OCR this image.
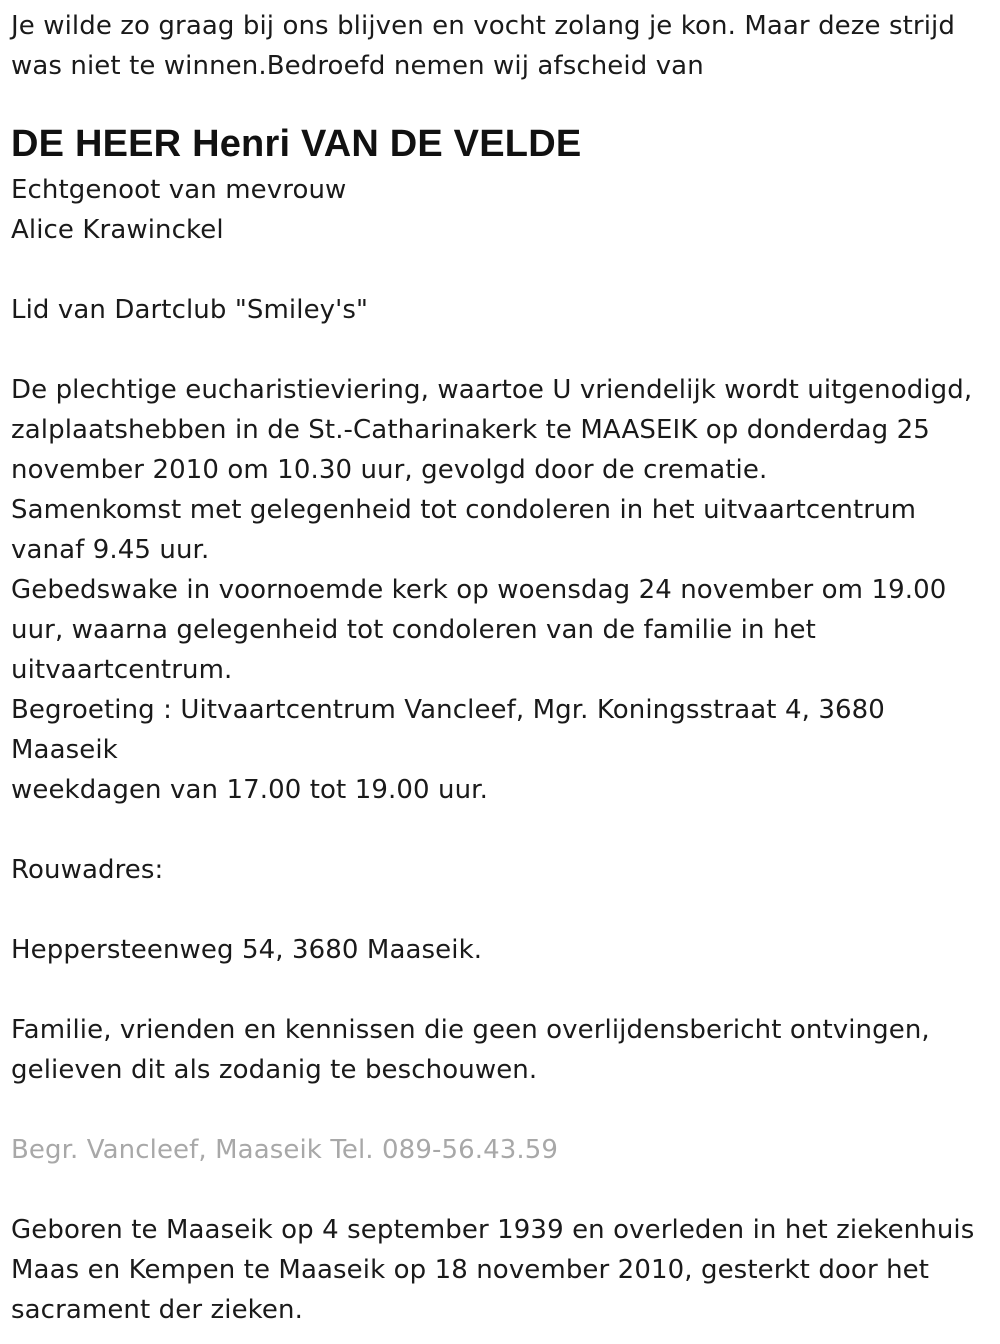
Je wilde zo graag bij ons blijven en vocht zolang je kon. Maar deze strijd
was niet te winnen.Bedroefd nemen wij afscheid van
DE HEER Henri VAN DE VELDE
Echtgenoot van mevrouw
Alice Krawinckel
Lid van Dartclub "Smiley's"
De plechtige eucharistieviering, waartoe U vriendelijk wordt uitgenodigd,
zalplaatshebben in de St.-Catharinakerk te MAASEIK op donderdag 25
november 2010 om 10.30 uur, gevolgd door de crematie.
Samenkomst met gelegenheid tot condoleren in het uitvaartcentrum
vanaf 9.45 uur.
Gebedswake in voornoemde kerk op woensdag 24 november om 19.00
uur, waarna gelegenheid tot condoleren van de familie in het
uitvaartcentrum.
Begroeting : Uitvaartcentrum Vancleef, Mgr. Koningsstraat 4, 3680
Maaseik
weekdagen van 17.00 tot 19.00 uur.
Rouwadres:
Heppersteenweg 54, 3680 Maaseik.
Familie, vrienden en kennissen die geen overlijdensbericht ontvingen,
gelieven dit als zodanig te beschouwen.
Begr. Vancleef, Maaseik Tel. 089-56.43.59
Geboren te Maaseik op 4 september 1939 en overleden in het ziekenhuis
Maas en Kempen te Maaseik op 18 november 2010, gesterkt door het
sacrament der zieken.
